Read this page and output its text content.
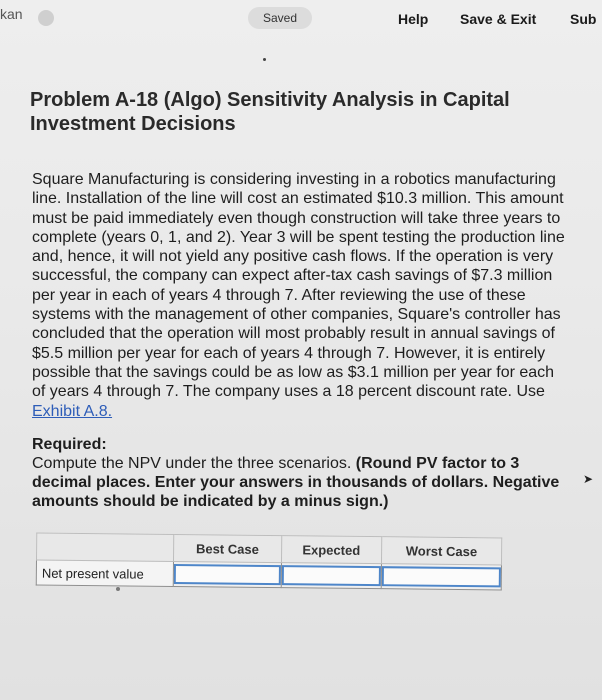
kan	Saved	Help Save & Exit Sub
Problem A-18 (Algo) Sensitivity Analysis in Capital Investment Decisions
Square Manufacturing is considering investing in a robotics manufacturing
line. Installation of the line will cost an estimated $10.3 million. This amount
must be paid immediately even though construction will take three years to
complete (years 0, 1, and 2). Year 3 will be spent testing the production line
and, hence, it will not yield any positive cash flows. If the operation is very
successful, the company can expect after-tax cash savings of $7.3 million
per year in each of years 4 through 7. After reviewing the use of these
systems with the management of other companies, Square's controller has
concluded that the operation will most probably result in annual savings of
$5.5 million per year for each of years 4 through 7. However, it is entirely
possible that the savings could be as low as $3.1 million per year for each
of years 4 through 7. The company uses a 18 percent discount rate. Use
Exhibit A.8.
Required:
Compute the NPV under the three scenarios. (Round PV factor to 3 decimal places. Enter your answers in thousands of dollars. Negative amounts should be indicated by a minus sign.)
➤
	Best Case	Expected	Worst Case
Net present value	
